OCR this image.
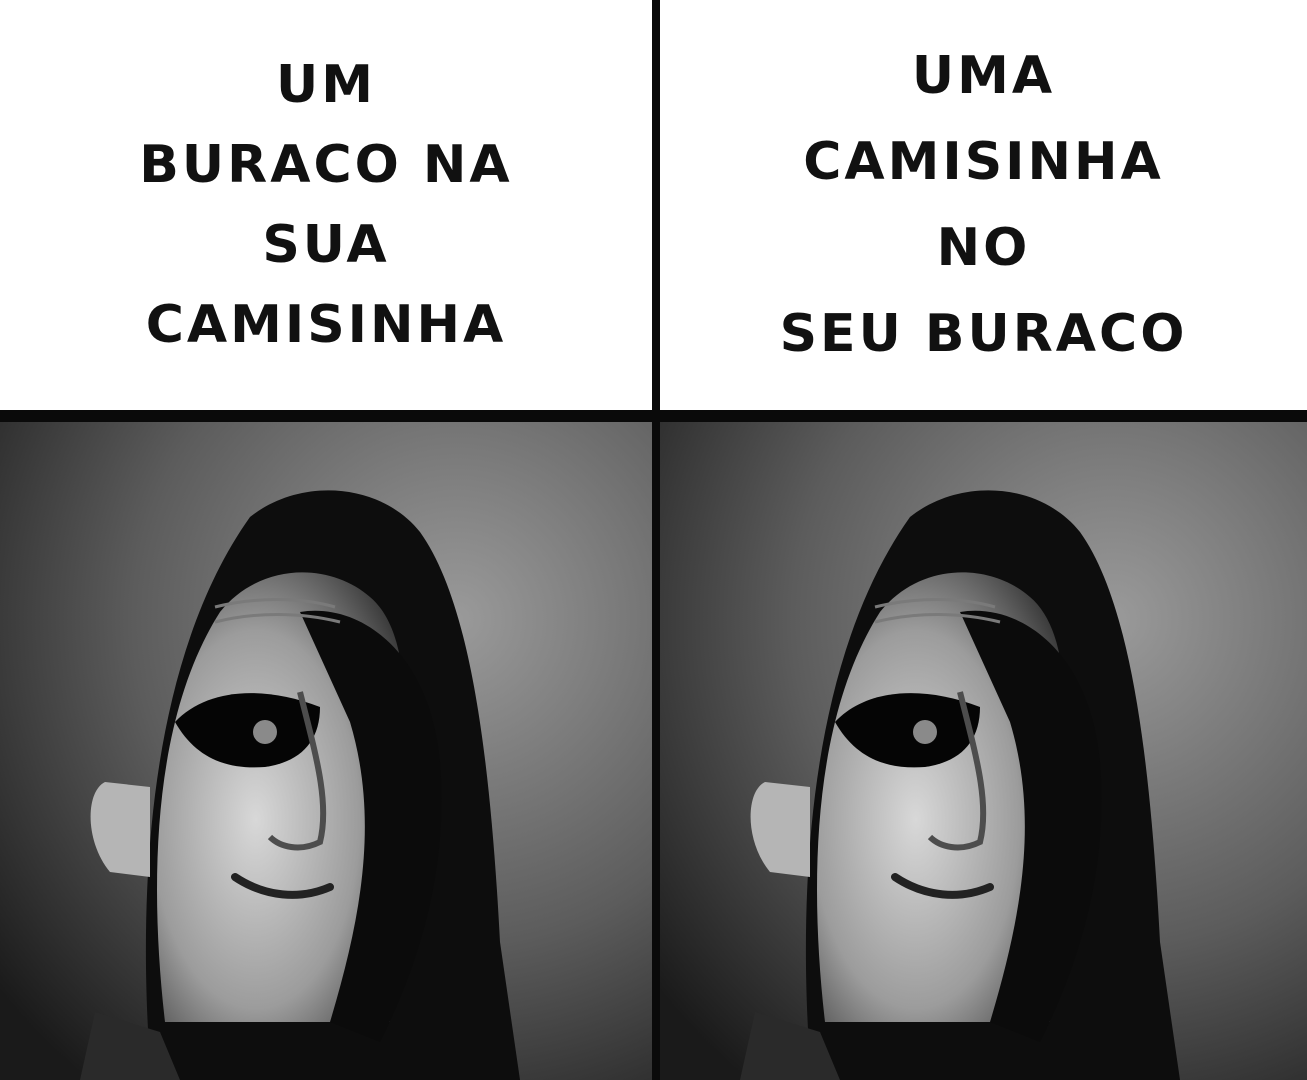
UM
BURACO NA
SUA
CAMISINHA
UMA
CAMISINHA
NO
SEU BURACO
